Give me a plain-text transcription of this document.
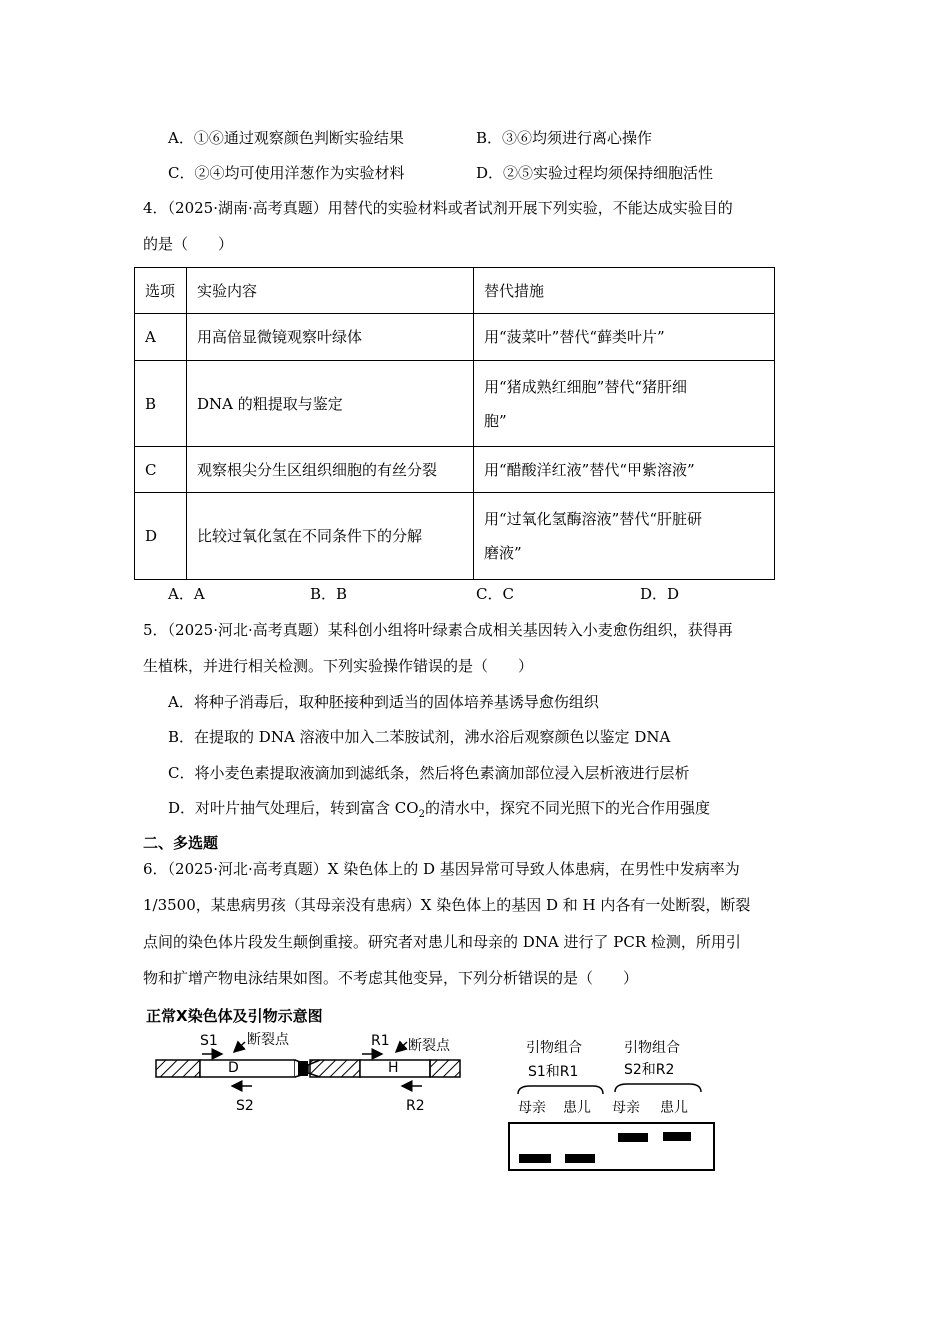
A．①⑥通过观察颜色判断实验结果	B．③⑥均须进行离心操作
C．②④均可使用洋葱作为实验材料	D．②⑤实验过程均须保持细胞活性
4．（2025·湖南·高考真题）用替代的实验材料或者试剂开展下列实验，不能达成实验目的
的是（　　）
选项	实验内容	替代措施
A	用高倍显微镜观察叶绿体	用“菠菜叶”替代“藓类叶片”
B	DNA 的粗提取与鉴定	用“猪成熟红细胞”替代“猪肝细
胞”

C	观察根尖分生区组织细胞的有丝分裂	用“醋酸洋红液”替代“甲紫溶液”
D	比较过氧化氢在不同条件下的分解	用“过氧化氢酶溶液”替代“肝脏研
磨液”
A．A	B．B	C．C	D．D
5．（2025·河北·高考真题）某科创小组将叶绿素合成相关基因转入小麦愈伤组织，获得再
生植株，并进行相关检测。下列实验操作错误的是（　　）
A．将种子消毒后，取种胚接种到适当的固体培养基诱导愈伤组织
B．在提取的 DNA 溶液中加入二苯胺试剂，沸水浴后观察颜色以鉴定 DNA
C．将小麦色素提取液滴加到滤纸条，然后将色素滴加部位浸入层析液进行层析
D．对叶片抽气处理后，转到富含 $CO_2$的清水中，探究不同光照下的光合作用强度
二、多选题
6．（2025·河北·高考真题）X 染色体上的 D 基因异常可导致人体患病，在男性中发病率为
1/3500，某患病男孩（其母亲没有患病）X 染色体上的基因 D 和 H 内各有一处断裂，断裂
点间的染色体片段发生颠倒重接。研究者对患儿和母亲的 DNA 进行了 PCR 检测，所用引
物和扩增产物电泳结果如图。不考虑其他变异，下列分析错误的是（　　）
正常X染色体及引物示意图
S1 断裂点	R1 断裂点
D	H
S2	R2
引物组合
S1和R1
引物组合
S2和R2
母亲 患儿 母亲 患儿
